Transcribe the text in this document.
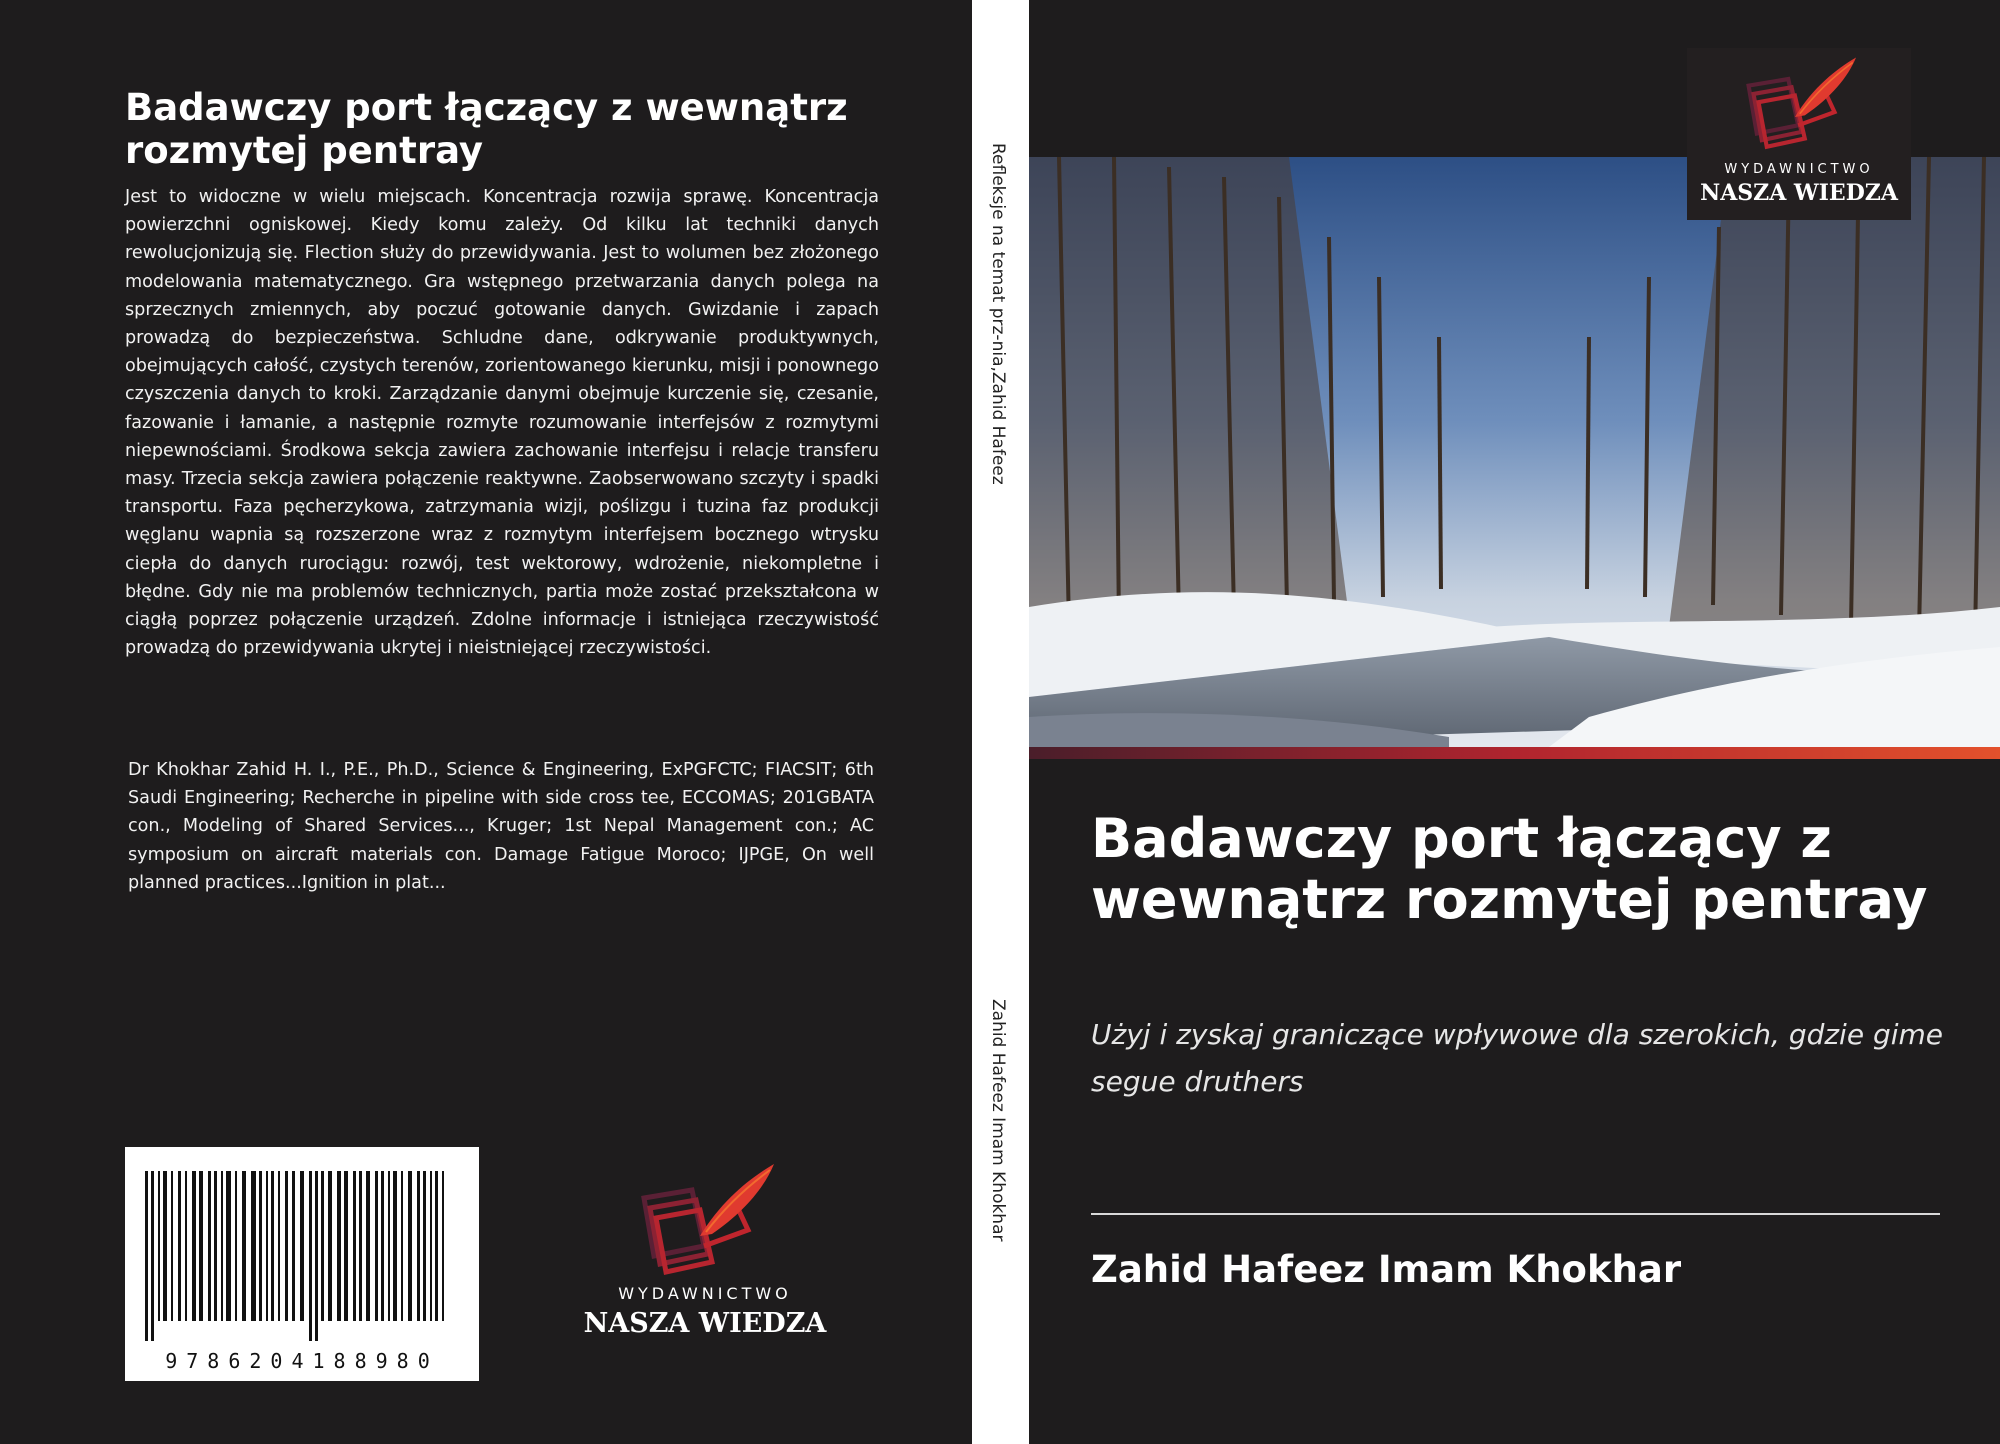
Badawczy port łączący z wewnątrz rozmytej pentray

Jest to widoczne w wielu miejscach. Koncentracja rozwija sprawę. Koncentracja powierzchni ogniskowej. Kiedy komu zależy. Od kilku lat techniki danych rewolucjonizują się. Flection służy do przewidywania. Jest to wolumen bez złożonego modelowania matematycznego. Gra wstępnego przetwarzania danych polega na sprzecznych zmiennych, aby poczuć gotowanie danych. Gwizdanie i zapach prowadzą do bezpieczeństwa. Schludne dane, odkrywanie produktywnych, obejmujących całość, czystych terenów, zorientowanego kierunku, misji i ponownego czyszczenia danych to kroki. Zarządzanie danymi obejmuje kurczenie się, czesanie, fazowanie i łamanie, a następnie rozmyte rozumowanie interfejsów z rozmytymi niepewnościami. Środkowa sekcja zawiera zachowanie interfejsu i relacje transferu masy. Trzecia sekcja zawiera połączenie reaktywne. Zaobserwowano szczyty i spadki transportu. Faza pęcherzykowa, zatrzymania wizji, poślizgu i tuzina faz produkcji węglanu wapnia są rozszerzone wraz z rozmytym interfejsem bocznego wtrysku ciepła do danych rurociągu: rozwój, test wektorowy, wdrożenie, niekompletne i błędne. Gdy nie ma problemów technicznych, partia może zostać przekształcona w ciągłą poprzez połączenie urządzeń. Zdolne informacje i istniejąca rzeczywistość prowadzą do przewidywania ukrytej i nieistniejącej rzeczywistości.

Dr Khokhar Zahid H. I., P.E., Ph.D., Science & Engineering, ExPGFCTC; FIACSIT; 6th Saudi Engineering; Recherche in pipeline with side cross tee, ECCOMAS; 201GBATA con., Modeling of Shared Services..., Kruger; 1st Nepal Management con.; AC symposium on aircraft materials con. Damage Fatigue Moroco; IJPGE, On well planned practices...Ignition in plat...

9786204188980

WYDAWNICTWO

NASZA WIEDZA

Refleksje na temat prz-nia,Zahid Hafeez

Zahid Hafeez Imam Khokhar

WYDAWNICTWO

NASZA WIEDZA

Badawczy port łączący z wewnątrz rozmytej pentray

Użyj i zyskaj graniczące wpływowe dla szerokich, gdzie gime segue druthers

Zahid Hafeez Imam Khokhar
